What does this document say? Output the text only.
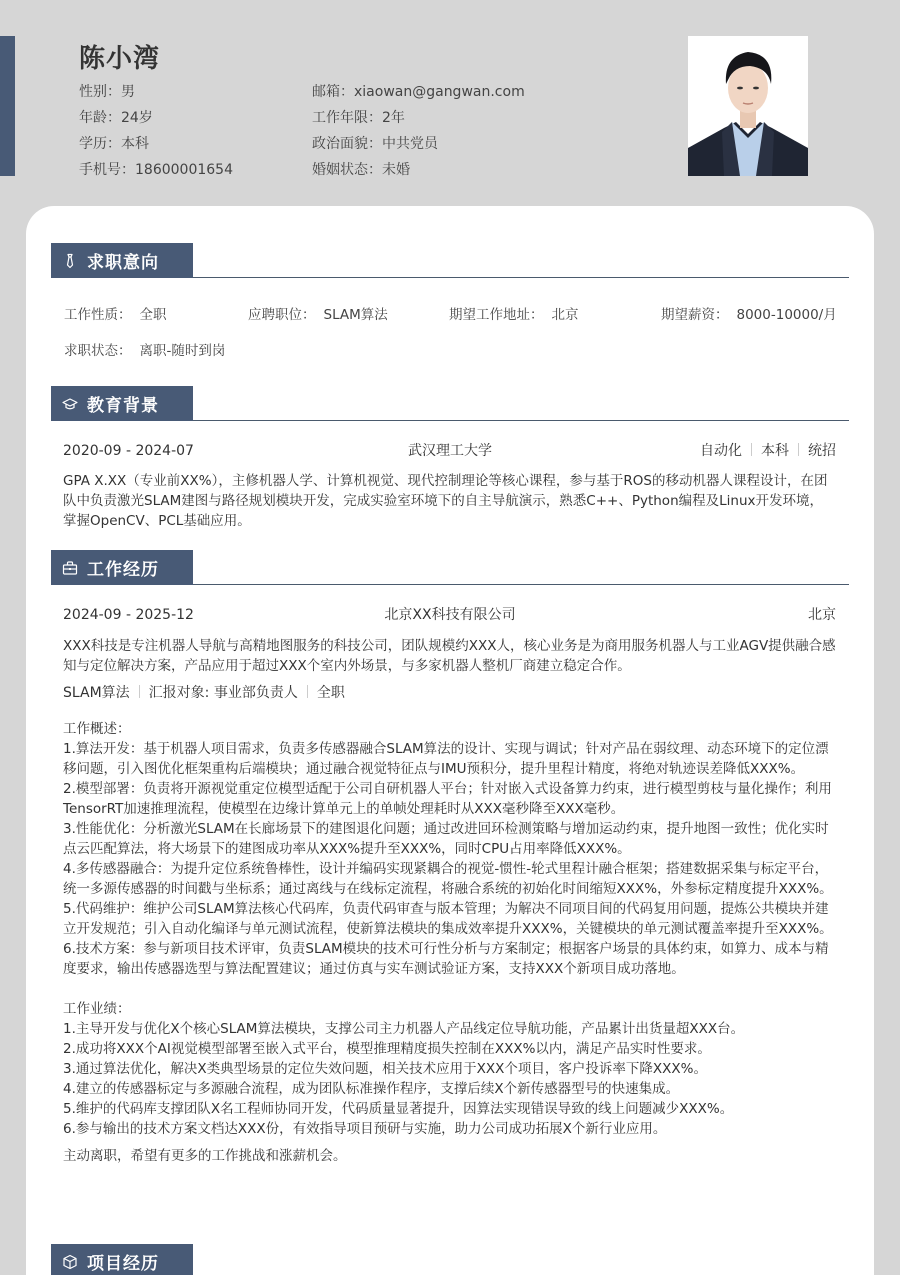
陈小湾
性别：男
年龄：24岁
学历：本科
手机号：18600001654
邮箱：xiaowan@gangwan.com
工作年限：2年
政治面貌：中共党员
婚姻状态：未婚
求职意向
工作性质： 全职	应聘职位： SLAM算法	期望工作地址： 北京	期望薪资： 8000-10000/月
求职状态： 离职-随时到岗
教育背景
2020-09 - 2024-07	武汉理工大学	自动化 本科 统招
GPA X.XX（专业前XX%），主修机器人学、计算机视觉、现代控制理论等核心课程，参与基于ROS的移动机器人课程设计，在团队中负责激光SLAM建图与路径规划模块开发，完成实验室环境下的自主导航演示，熟悉C++、Python编程及Linux开发环境，掌握OpenCV、PCL基础应用。
工作经历
2024-09 - 2025-12	北京XX科技有限公司	北京
XXX科技是专注机器人导航与高精地图服务的科技公司，团队规模约XXX人，核心业务是为商用服务机器人与工业AGV提供融合感知与定位解决方案，产品应用于超过XXX个室内外场景，与多家机器人整机厂商建立稳定合作。
SLAM算法 汇报对象: 事业部负责人 全职
工作概述：
1.算法开发：基于机器人项目需求，负责多传感器融合SLAM算法的设计、实现与调试；针对产品在弱纹理、动态环境下的定位漂移问题，引入图优化框架重构后端模块；通过融合视觉特征点与IMU预积分，提升里程计精度，将绝对轨迹误差降低XXX%。
2.模型部署：负责将开源视觉重定位模型适配于公司自研机器人平台；针对嵌入式设备算力约束，进行模型剪枝与量化操作；利用TensorRT加速推理流程，使模型在边缘计算单元上的单帧处理耗时从XXX毫秒降至XXX毫秒。
3.性能优化：分析激光SLAM在长廊场景下的建图退化问题；通过改进回环检测策略与增加运动约束，提升地图一致性；优化实时点云匹配算法，将大场景下的建图成功率从XXX%提升至XXX%，同时CPU占用率降低XXX%。
4.多传感器融合：为提升定位系统鲁棒性，设计并编码实现紧耦合的视觉-惯性-轮式里程计融合框架；搭建数据采集与标定平台，统一多源传感器的时间戳与坐标系；通过离线与在线标定流程，将融合系统的初始化时间缩短XXX%，外参标定精度提升XXX%。
5.代码维护：维护公司SLAM算法核心代码库，负责代码审查与版本管理；为解决不同项目间的代码复用问题，提炼公共模块并建立开发规范；引入自动化编译与单元测试流程，使新算法模块的集成效率提升XXX%，关键模块的单元测试覆盖率提升至XXX%。
6.技术方案：参与新项目技术评审，负责SLAM模块的技术可行性分析与方案制定；根据客户场景的具体约束，如算力、成本与精度要求，输出传感器选型与算法配置建议；通过仿真与实车测试验证方案，支持XXX个新项目成功落地。
工作业绩：
1.主导开发与优化X个核心SLAM算法模块，支撑公司主力机器人产品线定位导航功能，产品累计出货量超XXX台。
2.成功将XXX个AI视觉模型部署至嵌入式平台，模型推理精度损失控制在XXX%以内，满足产品实时性要求。
3.通过算法优化，解决X类典型场景的定位失效问题，相关技术应用于XXX个项目，客户投诉率下降XXX%。
4.建立的传感器标定与多源融合流程，成为团队标准操作程序，支撑后续X个新传感器型号的快速集成。
5.维护的代码库支撑团队X名工程师协同开发，代码质量显著提升，因算法实现错误导致的线上问题减少XXX%。
6.参与输出的技术方案文档达XXX份，有效指导项目预研与实施，助力公司成功拓展X个新行业应用。
主动离职，希望有更多的工作挑战和涨薪机会。
项目经历
